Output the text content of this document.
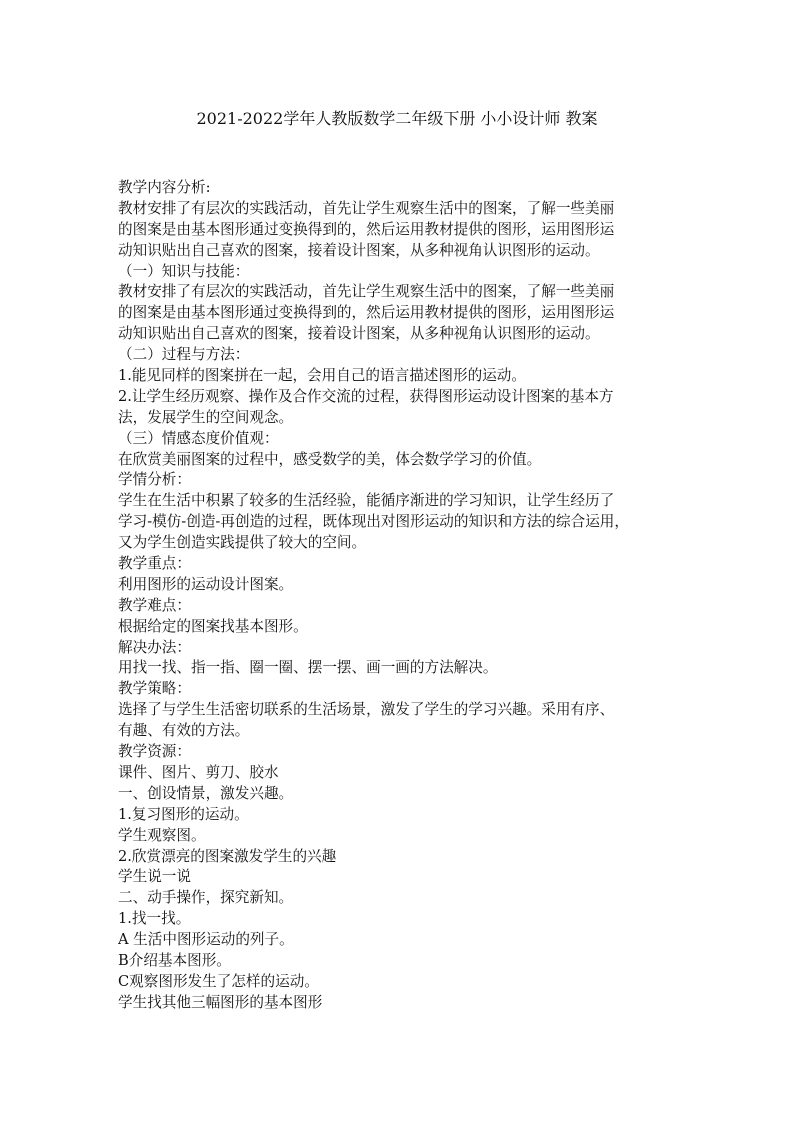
2021-2022学年人教版数学二年级下册 小小设计师 教案
教学内容分析:
教材安排了有层次的实践活动，首先让学生观察生活中的图案，了解一些美丽
的图案是由基本图形通过变换得到的，然后运用教材提供的图形，运用图形运
动知识贴出自己喜欢的图案，接着设计图案，从多种视角认识图形的运动。
（一）知识与技能：
教材安排了有层次的实践活动，首先让学生观察生活中的图案，了解一些美丽
的图案是由基本图形通过变换得到的，然后运用教材提供的图形，运用图形运
动知识贴出自己喜欢的图案，接着设计图案，从多种视角认识图形的运动。
（二）过程与方法：
1.能见同样的图案拼在一起，会用自己的语言描述图形的运动。
2.让学生经历观察、操作及合作交流的过程，获得图形运动设计图案的基本方
法，发展学生的空间观念。
（三）情感态度价值观：
在欣赏美丽图案的过程中，感受数学的美，体会数学学习的价值。
学情分析：
学生在生活中积累了较多的生活经验，能循序渐进的学习知识，让学生经历了
学习-模仿-创造-再创造的过程，既体现出对图形运动的知识和方法的综合运用，
又为学生创造实践提供了较大的空间。
教学重点：
利用图形的运动设计图案。
教学难点：
根据给定的图案找基本图形。
解决办法：
用找一找、指一指、圈一圈、摆一摆、画一画的方法解决。
教学策略：
选择了与学生生活密切联系的生活场景，激发了学生的学习兴趣。采用有序、
有趣、有效的方法。
教学资源：
课件、图片、剪刀、胶水
一、创设情景，激发兴趣。
1.复习图形的运动。
学生观察图。
2.欣赏漂亮的图案激发学生的兴趣
学生说一说
二、动手操作，探究新知。
1.找一找。
A 生活中图形运动的列子。
B介绍基本图形。
C观察图形发生了怎样的运动。
学生找其他三幅图形的基本图形
